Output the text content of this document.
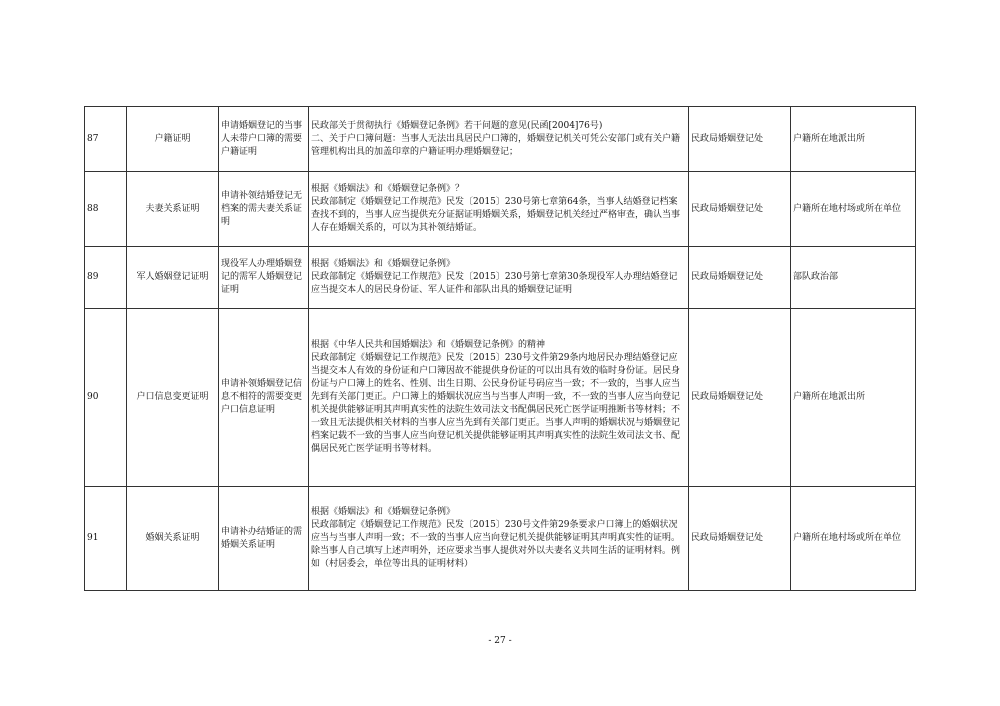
87	户籍证明	申请婚姻登记的当事人未带户口簿的需要户籍证明	民政部关于贯彻执行《婚姻登记条例》若干问题的意见(民函[2004]76号)
二、关于户口簿问题：当事人无法出具居民户口簿的，婚姻登记机关可凭公安部门或有关户籍管理机构出具的加盖印章的户籍证明办理婚姻登记；	民政局婚姻登记处	户籍所在地派出所
88	夫妻关系证明	申请补领结婚登记无档案的需夫妻关系证明	根据《婚姻法》和《婚姻登记条例》？
民政部制定《婚姻登记工作规范》民发〔2015〕230号第七章第64条，当事人结婚登记档案查找不到的，当事人应当提供充分证据证明婚姻关系，婚姻登记机关经过严格审查，确认当事人存在婚姻关系的，可以为其补领结婚证。	民政局婚姻登记处	户籍所在地村场或所在单位
89	军人婚姻登记证明	现役军人办理婚姻登记的需军人婚姻登记证明	根据《婚姻法》和《婚姻登记条例》
民政部制定《婚姻登记工作规范》民发〔2015〕230号第七章第30条现役军人办理结婚登记应当提交本人的居民身份证、军人证件和部队出具的婚姻登记证明	民政局婚姻登记处	部队政治部
90	户口信息变更证明	申请补领婚姻登记信息不相符的需要变更户口信息证明	根据《中华人民共和国婚姻法》和《婚姻登记条例》的精神
民政部制定《婚姻登记工作规范》民发〔2015〕230号文件第29条内地居民办理结婚登记应当提交本人有效的身份证和户口簿因故不能提供身份证的可以出具有效的临时身份证。居民身份证与户口簿上的姓名、性别、出生日期、公民身份证号码应当一致；不一致的，当事人应当先到有关部门更正。户口簿上的婚姻状况应当与当事人声明一致，不一致的当事人应当向登记机关提供能够证明其声明真实性的法院生效司法文书配偶居民死亡医学证明推断书等材料；不一致且无法提供相关材料的当事人应当先到有关部门更正。当事人声明的婚姻状况与婚姻登记档案记载不一致的当事人应当向登记机关提供能够证明其声明真实性的法院生效司法文书、配偶居民死亡医学证明书等材料。	民政局婚姻登记处	户籍所在地派出所
91	婚姻关系证明	申请补办结婚证的需婚姻关系证明	根据《婚姻法》和《婚姻登记条例》
民政部制定《婚姻登记工作规范》民发〔2015〕230号文件第29条要求户口簿上的婚姻状况应当与当事人声明一致；不一致的当事人应当向登记机关提供能够证明其声明真实性的证明。除当事人自己填写上述声明外，还应要求当事人提供对外以夫妻名义共同生活的证明材料。例如（村居委会，单位等出具的证明材料）	民政局婚姻登记处	户籍所在地村场或所在单位
- 27 -
